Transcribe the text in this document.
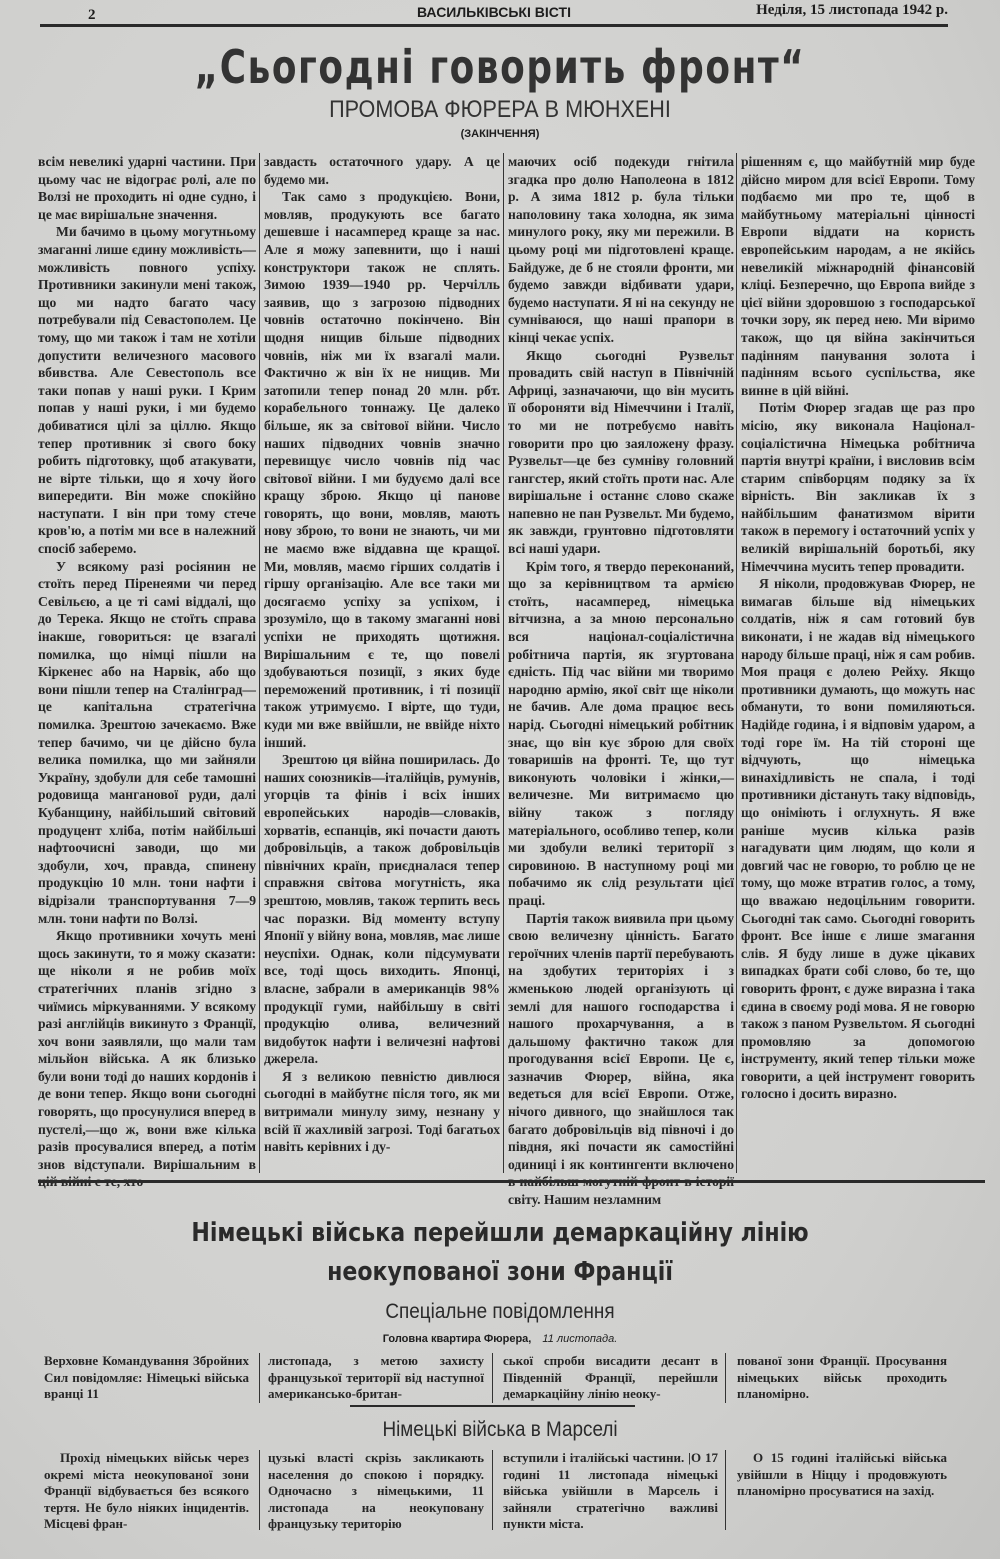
2	ВАСИЛЬКІВСЬКІ ВІСТІ	Неділя, 15 листопада 1942 р.
„Сьогодні говорить фронт“
ПРОМОВА ФЮРЕРА В МЮНХЕНІ
(ЗАКІНЧЕННЯ)

всім невеликі ударні частини. При цьому час не відограє ролі, але по Волзі не проходить ні одне судно, і це має вирішальне значення.

Ми бачимо в цьому могутньому змаганні лише єдину можливість—можливість повного успіху. Противники закинули мені також, що ми надто багато часу потребували під Севастополем. Це тому, що ми також і там не хотіли допустити величезного масового вбивства. Але Севестополь все таки попав у наші руки. І Крим попав у наші руки, і ми будемо добиватися цілі за ціллю. Якщо тепер противник зі свого боку робить підготовку, щоб атакувати, не вірте тільки, що я хочу його випередити. Він може спокійно наступати. І він при тому стече кров'ю, а потім ми все в належний спосіб заберемо.

У всякому разі росіянин не стоїть перед Піренеями чи перед Севільєю, а це ті самі віддалі, що до Терека. Якщо не стоїть справа інакше, говориться: це взагалі помилка, що німці пішли на Кіркенес або на Нарвік, або що вони пішли тепер на Сталінград—це капітальна стратегічна помилка. Зрештою зачекаємо. Вже тепер бачимо, чи це дійсно була велика помилка, що ми зайняли Україну, здобули для себе тамошні родовища манганової руди, далі Кубанщину, найбільший світовий продуцент хліба, потім найбільші нафтоочисні заводи, що ми здобули, хоч, правда, спинену продукцію 10 млн. тони нафти і відрізали транспортування 7—9 млн. тони нафти по Волзі.

Якщо противники хочуть мені щось закинути, то я можу сказати: ще ніколи я не робив моїх стратегічних планів згідно з чиїмись міркуваннями. У всякому разі англійців викинуто з Франції, хоч вони заявляли, що мали там мільйон війська. А як близько були вони тоді до наших кордонів і де вони тепер. Якщо вони сьогодні говорять, що просунулися вперед в пустелі,—що ж, вони вже кілька разів просувалися вперед, а потім знов відступали. Вирішальним в

завдасть остаточного удару. А це будемо ми.

Так само з продукцією. Вони, мовляв, продукують все багато дешевше і насамперед краще за нас. Але я можу запевнити, що і наші конструктори також не сплять. Зимою 1939—1940 рр. Черчілль заявив, що з загрозою підводних човнів остаточно покінчено. Він щодня нищив більше підводних човнів, ніж ми їх взагалі мали. Фактично ж він їх не нищив. Ми затопили тепер понад 20 млн. рбт. корабельного тоннажу. Це далеко більше, як за світової війни. Число наших підводних човнів значно перевищує число човнів під час світової війни. І ми будуємо далі все кращу зброю. Якщо ці панове говорять, що вони, мовляв, мають нову зброю, то вони не знають, чи ми не маємо вже віддавна ще кращої. Ми, мовляв, маємо гірших солдатів і гіршу організацію. Але все таки ми досягаємо успіху за успіхом, і зрозуміло, що в такому змаганні нові успіхи не приходять щотижня. Вирішальним є те, що повелі здобуваються позиції, з яких буде переможений противник, і ті позиції також утримуємо. І вірте, що туди, куди ми вже ввійшли, не ввійде ніхто інший.

Зрештою ця війна поширилась. До наших союзників—італійців, румунів, угорців та фінів і всіх інших европейських народів—словаків, хорватів, еспанців, які почасти дають добровільців, а також добровільців північних країн, приєдналася тепер справжня світова могутність, яка зрештою, мовляв, також терпить весь час поразки. Від моменту вступу Японії у війну вона, мовляв, має лише неуспіхи. Однак, коли підсумувати все, тоді щось виходить. Японці, власне, забрали в американців 98% продукції гуми, найбільшу в світі продукцію олива, величезний видобуток нафти і величезні нафтові джерела.

Я з великою певністю дивлюся сьогодні в майбутнє після того, як ми витримали минулу зиму, незнану у всій її жахливій загрозі. Тоді багатьох навіть керівних і ду-

маючих осіб подекуди гнітила згадка про долю Наполеона в 1812 р. А зима 1812 р. була тільки наполовину така холодна, як зима минулого року, яку ми пережили. В цьому році ми підготовлені краще. Байдуже, де б не стояли фронти, ми будемо завжди відбивати удари, будемо наступати. Я ні на секунду не сумніваюся, що наші прапори в кінці чекає успіх.

Якщо сьогодні Рузвельт провадить свій наступ в Північній Африці, зазначаючи, що він мусить її обороняти від Німеччини і Італії, то ми не потребуємо навіть говорити про цю заяложену фразу. Рузвельт—це без сумніву головний гангстер, який стоїть проти нас. Але вирішальне і останнє слово скаже напевно не пан Рузвельт. Ми будемо, як завжди, грунтовно підготовляти всі наші удари.

Крім того, я твердо переконаний, що за керівництвом та армією стоїть, насамперед, німецька вітчизна, а за мною персонально вся націонал-соціалістична робітнича партія, як згуртована єдність. Під час війни ми творимо народню армію, якої світ ще ніколи не бачив. Але дома працює весь нарід. Сьогодні німецький робітник знає, що він кує зброю для своїх товаришів на фронті. Те, що тут виконують чоловіки і жінки,—величезне. Ми витримаємо цю війну також з погляду матеріального, особливо тепер, коли ми здобули великі території з сировиною. В наступному році ми побачимо як слід результати цієї праці.

Партія також виявила при цьому свою величезну цінність. Багато героїчних членів партії перебувають на здобутих територіях і з жменькою людей організують ці землі для нашого господарства і нашого прохарчування, а в дальшому фактично також для прогодування всієї Европи. Це є, зазначив Фюрер, війна, яка ведеться для всієї Европи. Отже, нічого дивного, що знайшлося так багато добровільців від півночі і до півдня, які почасти як самостійні одиниці і як контингенти включено світу. Нашим незламним

рішенням є, що майбутній мир буде дійсно миром для всієї Европи. Тому подбаємо ми про те, щоб в майбутньому матеріальні цінності Европи віддати на користь европейським народам, а не якійсь невеликій міжнародній фінансовій кліці. Безперечно, що Европа вийде з цієї війни здоровшою з господарської точки зору, як перед нею. Ми віримо також, що ця війна закінчиться падінням панування золота і падінням всього суспільства, яке винне в цій війні.

Потім Фюрер згадав ще раз про місію, яку виконала Націонал-соціалістична Німецька робітнича партія внутрі країни, і висловив всім старим співборцям подяку за їх вірність. Він закликав їх з найбільшим фанатизмом вірити також в перемогу і остаточний успіх у великій вирішальній боротьбі, яку Німеччина мусить тепер провадити.

Я ніколи, продовжував Фюрер, не вимагав більше від німецьких солдатів, ніж я сам готовий був виконати, і не жадав від німецького народу більше праці, ніж я сам робив. Моя праця є долею Рейху. Якщо противники думають, що можуть нас обманути, то вони помиляються. Надійде година, і я відповім ударом, а тоді горе їм. На тій стороні ще відчують, що німецька винахідливість не спала, і тоді противники дістануть таку відповідь, що оніміють і оглухнуть. Я вже раніше мусив кілька разів нагадувати цим людям, що коли я довгий час не говорю, то роблю це не тому, що може втратив голос, а тому, що вважаю недоцільним говорити. Сьогодні так само. Сьогодні говорить фронт. Все інше є лише змагання слів. Я буду лише в дуже цікавих випадках брати собі слово, бо те, що говорить фронт, є дуже виразна і така єдина в своєму роді мова. Я не говорю також з паном Рузвельтом. Я сьогодні промовляю за допомогою інструменту, який тепер тільки може говорити, а цей інструмент говорить голосно і досить виразно.

Німецькі війська перейшли демаркаційну лінію
неокупованої зони Франції
Спеціальне повідомлення
Головна квартира Фюрера, 11 листопада.

Верховне Командування Збройних Сил повідомляє: Німецькі війська вранці 11

листопада, з метою захисту французької території від наступної американсько-британ-

ської спроби висадити десант в Південній Франції, перейшли демаркаційну лінію неоку-

пованої зони Франції. Просування німецьких військ проходить планомірно.

Німецькі війська в Марселі

Прохід німецьких військ через окремі міста неокупованої зони Франції відбувається без всякого тертя. Не було ніяких інцидентів. Місцеві фран-

цузькі власті скрізь закликають населення до спокою і порядку. Одночасно з німецькими, 11 листопада на неокуповану французьку територію

вступили і італійські частини. |О 17 годині 11 листопада німецькі війська увійшли в Марсель і зайняли стратегічно важливі пункти міста.

О 15 годині італійські війська увійшли в Ніццу і продовжують планомірно просуватися на захід.
